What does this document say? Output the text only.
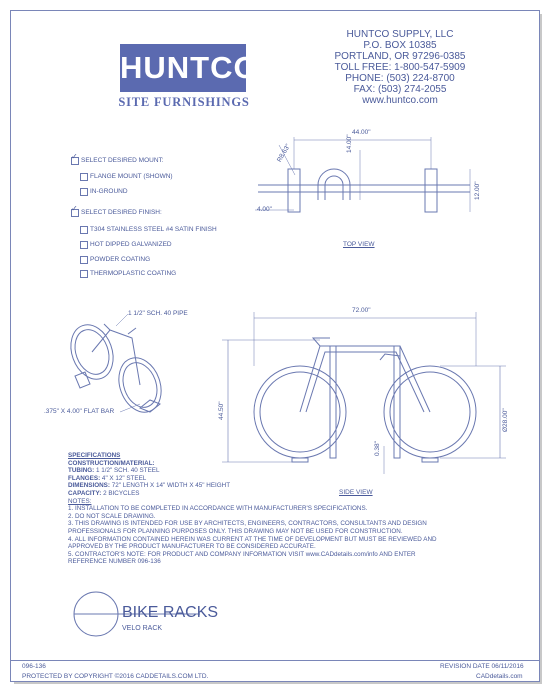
HUNTCO
SITE FURNISHINGS
HUNTCO SUPPLY, LLC
P.O. BOX 10385
PORTLAND, OR 97296-0385
TOLL FREE: 1-800-547-5909
PHONE: (503) 224-8700
FAX: (503) 274-2055
www.huntco.com
✓ SELECT DESIRED MOUNT:
FLANGE MOUNT (SHOWN)
IN-GROUND
✓ SELECT DESIRED FINISH:
T304 STAINLESS STEEL #4 SATIN FINISH
HOT DIPPED GALVANIZED
POWDER COATING
THERMOPLASTIC COATING
44.00"
14.00"
R8.63"
12.00"
4.00"
TOP VIEW
1 1/2" SCH. 40 PIPE
.375" X 4.00" FLAT BAR
72.00"
44.50"	Ø28.00"
0.38"
SIDE VIEW
SPECIFICATIONS
CONSTRUCTION/MATERIAL:
TUBING: 1 1/2" SCH. 40 STEEL
FLANGES: 4" X 12" STEEL
DIMENSIONS: 72" LENGTH X 14" WIDTH X 45" HEIGHT
CAPACITY: 2 BICYCLES
NOTES:
1. INSTALLATION TO BE COMPLETED IN ACCORDANCE WITH MANUFACTURER'S SPECIFICATIONS.
2. DO NOT SCALE DRAWING.
3. THIS DRAWING IS INTENDED FOR USE BY ARCHITECTS, ENGINEERS, CONTRACTORS, CONSULTANTS AND DESIGN
PROFESSIONALS FOR PLANNING PURPOSES ONLY. THIS DRAWING MAY NOT BE USED FOR CONSTRUCTION.
4. ALL INFORMATION CONTAINED HEREIN WAS CURRENT AT THE TIME OF DEVELOPMENT BUT MUST BE REVIEWED AND
APPROVED BY THE PRODUCT MANUFACTURER TO BE CONSIDERED ACCURATE.
5. CONTRACTOR'S NOTE: FOR PRODUCT AND COMPANY INFORMATION VISIT www.CADdetails.com/info AND ENTER
REFERENCE NUMBER 096-136
BIKE RACKS
VELO RACK
096-136	REVISION DATE 06/11/2016
PROTECTED BY COPYRIGHT ©2016 CADDETAILS.COM LTD.	CADdetails.com
